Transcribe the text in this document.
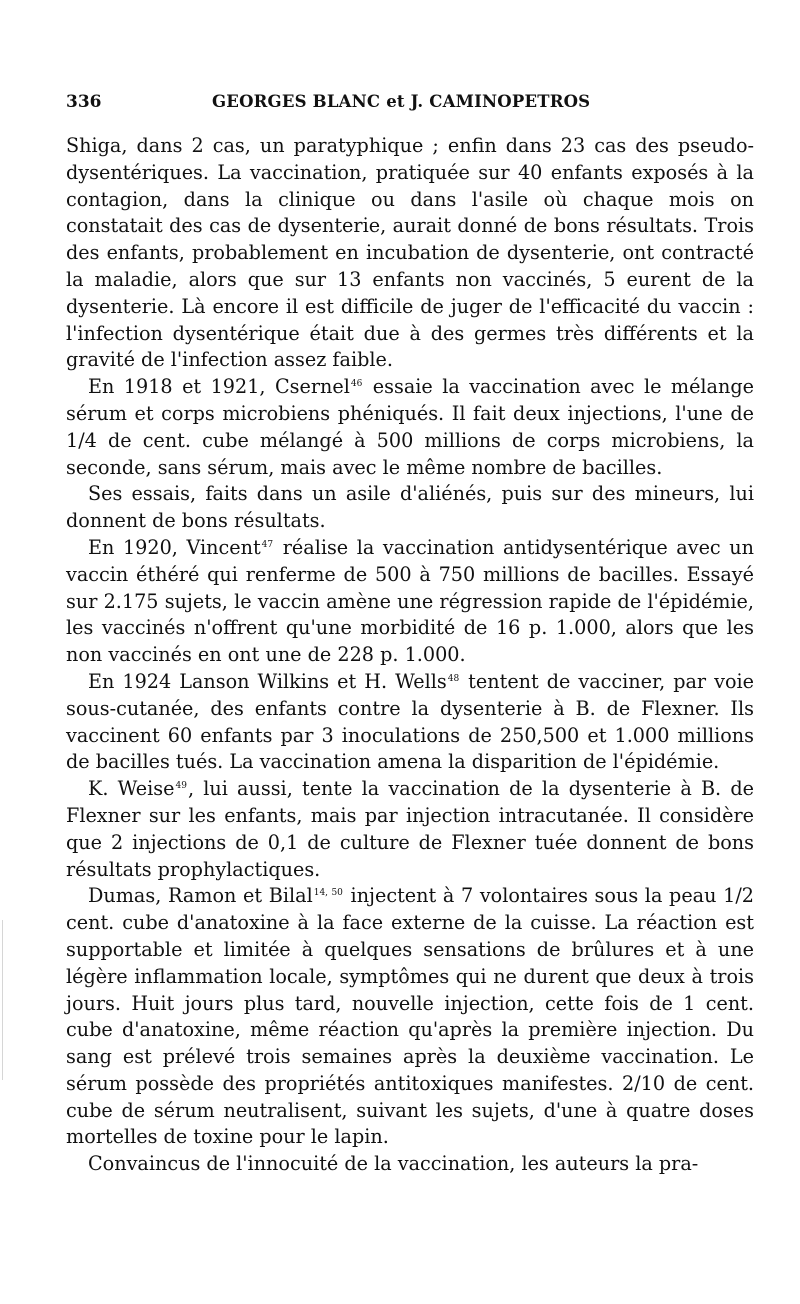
336	GEORGES BLANC et J. CAMINOPETROS

Shiga, dans 2 cas, un paratyphique ; enfin dans 23 cas des pseudo-dysentériques. La vaccination, pratiquée sur 40 enfants exposés à la contagion, dans la clinique ou dans l'asile où chaque mois on constatait des cas de dysenterie, aurait donné de bons résultats. Trois des enfants, probablement en incubation de dysenterie, ont contracté la maladie, alors que sur 13 enfants non vaccinés, 5 eurent de la dysenterie. Là encore il est difficile de juger de l'efficacité du vaccin : l'infection dysentérique était due à des germes très différents et la gravité de l'infection assez faible.

En 1918 et 1921, Csernel$^{46}$ essaie la vaccination avec le mélange sérum et corps microbiens phéniqués. Il fait deux injections, l'une de 1/4 de cent. cube mélangé à 500 millions de corps microbiens, la seconde, sans sérum, mais avec le même nombre de bacilles.

Ses essais, faits dans un asile d'aliénés, puis sur des mineurs, lui donnent de bons résultats.

En 1920, Vincent$^{47}$ réalise la vaccination antidysentérique avec un vaccin éthéré qui renferme de 500 à 750 millions de bacilles. Essayé sur 2.175 sujets, le vaccin amène une régression rapide de l'épidémie, les vaccinés n'offrent qu'une morbidité de 16 p. 1.000, alors que les non vaccinés en ont une de 228 p. 1.000.

En 1924 Lanson Wilkins et H. Wells$^{48}$ tentent de vacciner, par voie sous-cutanée, des enfants contre la dysenterie à B. de Flexner. Ils vaccinent 60 enfants par 3 inoculations de 250,500 et 1.000 millions de bacilles tués. La vaccination amena la disparition de l'épidémie.

K. Weise$^{49}$, lui aussi, tente la vaccination de la dysenterie à B. de Flexner sur les enfants, mais par injection intracutanée. Il considère que 2 injections de 0,1 de culture de Flexner tuée donnent de bons résultats prophylactiques.

Dumas, Ramon et Bilal$^{14, 50}$ injectent à 7 volontaires sous la peau 1/2 cent. cube d'anatoxine à la face externe de la cuisse. La réaction est supportable et limitée à quelques sensations de brûlures et à une légère inflammation locale, symptômes qui ne durent que deux à trois jours. Huit jours plus tard, nouvelle injection, cette fois de 1 cent. cube d'anatoxine, même réaction qu'après la première injection. Du sang est prélevé trois semaines après la deuxième vaccination. Le sérum possède des propriétés antitoxiques manifestes. 2/10 de cent. cube de sérum neutralisent, suivant les sujets, d'une à quatre doses mortelles de toxine pour le lapin.

Convaincus de l'innocuité de la vaccination, les auteurs la pra-
